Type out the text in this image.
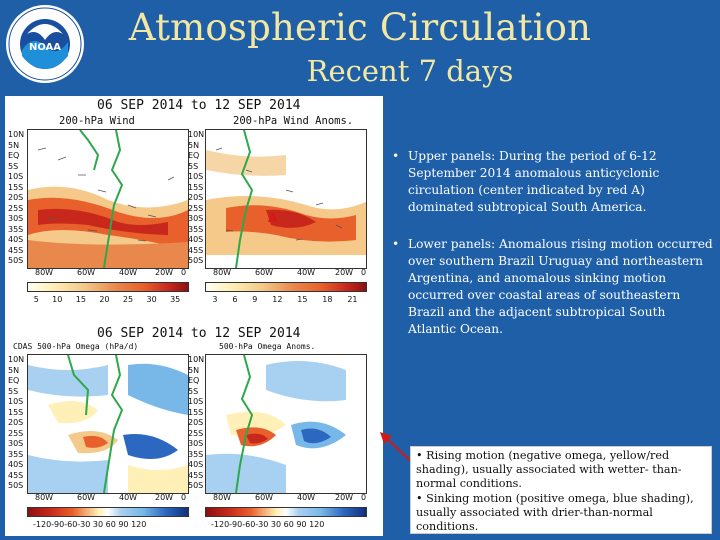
NOAA	Atmospheric Circulation
Recent 7 days
06 SEP 2014 to 12 SEP 2014
200-hPa Wind	200-hPa Wind Anoms.
A
10N
5N
EQ
5S
10S
15S
20S
25S
30S
35S
40S
45S
50S
10N
5N
EQ
5S
10S
15S
20S
25S
30S
35S
40S
45S
50S
80W	60W	40W 20W 0	80W	60W	40W 20W 0
5 10 15 20 25 30 35	3 6 9 12 15 18 21
06 SEP 2014 to 12 SEP 2014
CDAS 500-hPa Omega (hPa/d)	500-hPa Omega Anoms.
10N
5N
EQ
5S
10S
15S
20S
25S
30S
35S
40S
45S
50S
10N
5N
EQ
5S
10S
15S
20S
25S
30S
35S
40S
45S
50S
80W	60W	40W 20W 0	80W	60W	40W 20W 0
-120-90-60-30 30 60 90 120	-120-90-60-30 30 60 90 120
• Upper panels: During the period of 6-12 September 2014 anomalous anticyclonic circulation (center indicated by red A) dominated subtropical South America.
• Lower panels: Anomalous rising motion occurred over southern Brazil Uruguay and northeastern Argentina, and anomalous sinking motion occurred over coastal areas of southeastern Brazil and the adjacent subtropical South Atlantic Ocean.
• Rising motion (negative omega, yellow/red shading), usually associated with wetter- than-normal conditions.
• Sinking motion (positive omega, blue shading), usually associated with drier-than-normal conditions.
